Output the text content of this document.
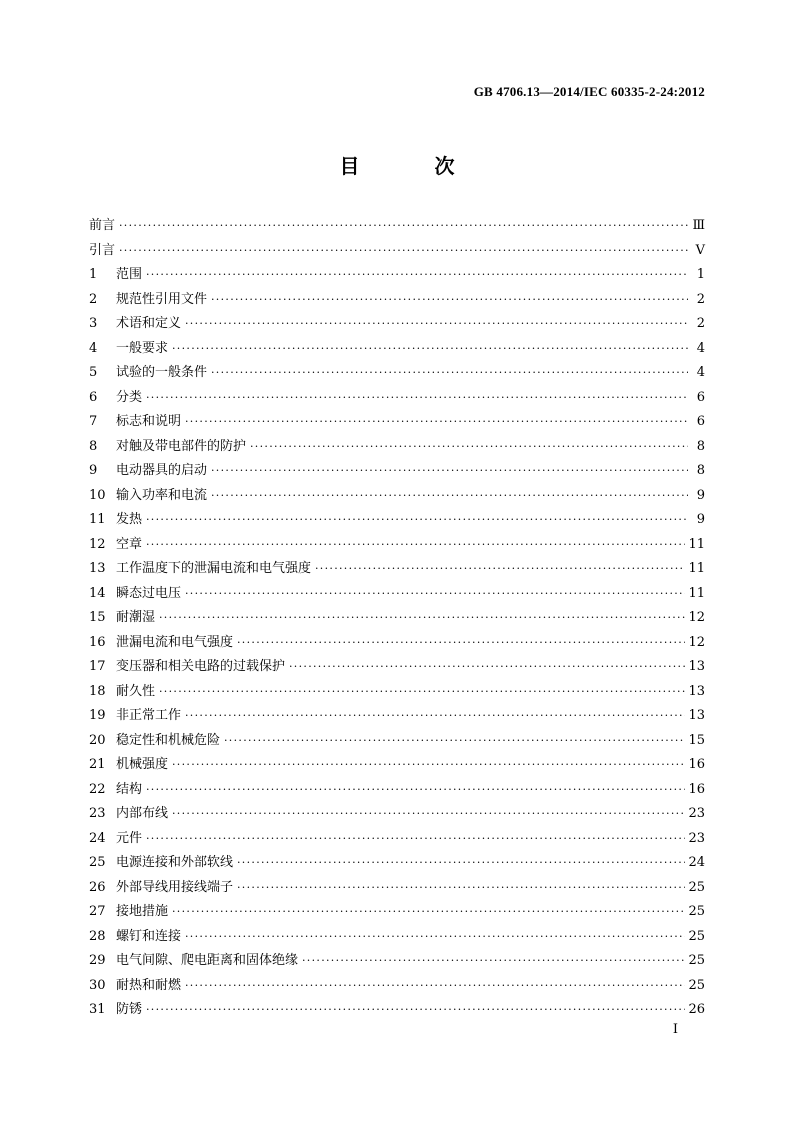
GB 4706.13—2014/IEC 60335-2-24:2012
目 次
前言 ·····	Ⅲ
引言 ·····	Ⅴ
1	范围 ·····	1
2	规范性引用文件 ·····	2
3	术语和定义 ·····	2
4	一般要求 ·····	4
5	试验的一般条件 ·····	4
6	分类 ·····	6
7	标志和说明 ·····	6
8	对触及带电部件的防护 ·····	8
9	电动器具的启动 ·····	8
10 输入功率和电流 ·····	9
11 发热 ·····	9
12 空章 ·····	11
13 工作温度下的泄漏电流和电气强度 ·····	11
14 瞬态过电压 ·····	11
15 耐潮湿 ·····	12
16 泄漏电流和电气强度 ·····	12
17 变压器和相关电路的过载保护 ·····	13
18 耐久性 ·····	13
19 非正常工作 ·····	13
20 稳定性和机械危险 ·····	15
21 机械强度 ·····	16
22 结构 ·····	16
23 内部布线 ·····	23
24 元件 ·····	23
25 电源连接和外部软线 ·····	24
26 外部导线用接线端子 ·····	25
27 接地措施 ·····	25
28 螺钉和连接 ·····	25
29 电气间隙、爬电距离和固体绝缘 ·····	25
30 耐热和耐燃 ·····	25
31 防锈 ·····	26
Ⅰ
